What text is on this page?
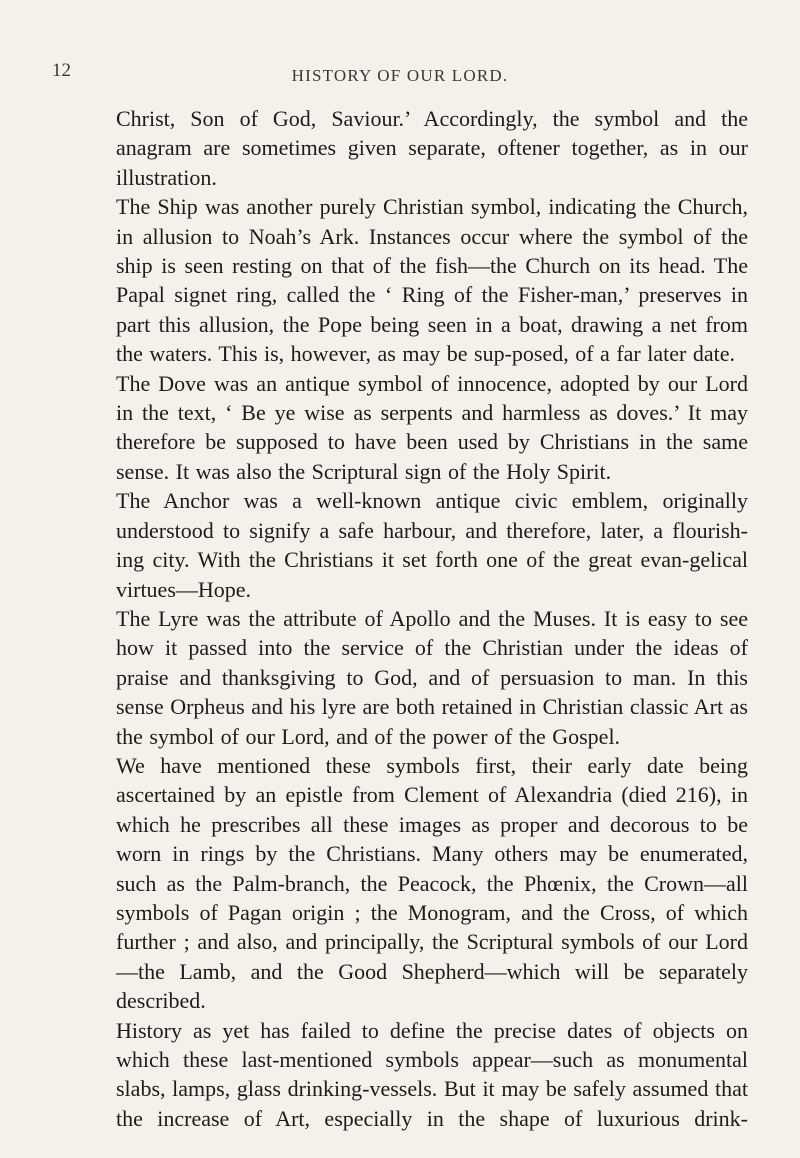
12	HISTORY OF OUR LORD.

Christ, Son of God, Saviour.’ Accordingly, the symbol and the anagram are sometimes given separate, oftener together, as in our illustration.

The Ship was another purely Christian symbol, indicating the Church, in allusion to Noah’s Ark. Instances occur where the symbol of the ship is seen resting on that of the fish—the Church on its head. The Papal signet ring, called the ‘ Ring of the Fisher-man,’ preserves in part this allusion, the Pope being seen in a boat, drawing a net from the waters. This is, however, as may be sup-posed, of a far later date.

The Dove was an antique symbol of innocence, adopted by our Lord in the text, ‘ Be ye wise as serpents and harmless as doves.’ It may therefore be supposed to have been used by Christians in the same sense. It was also the Scriptural sign of the Holy Spirit.

The Anchor was a well-known antique civic emblem, originally understood to signify a safe harbour, and therefore, later, a flourish-ing city. With the Christians it set forth one of the great evan-gelical virtues—Hope.

The Lyre was the attribute of Apollo and the Muses. It is easy to see how it passed into the service of the Christian under the ideas of praise and thanksgiving to God, and of persuasion to man. In this sense Orpheus and his lyre are both retained in Christian classic Art as the symbol of our Lord, and of the power of the Gospel.

We have mentioned these symbols first, their early date being ascertained by an epistle from Clement of Alexandria (died 216), in which he prescribes all these images as proper and decorous to be worn in rings by the Christians. Many others may be enumerated, such as the Palm-branch, the Peacock, the Phœnix, the Crown—all symbols of Pagan origin ; the Monogram, and the Cross, of which further ; and also, and principally, the Scriptural symbols of our Lord—the Lamb, and the Good Shepherd—which will be separately described.

History as yet has failed to define the precise dates of objects on which these last-mentioned symbols appear—such as monumental slabs, lamps, glass drinking-vessels. But it may be safely assumed that the increase of Art, especially in the shape of luxurious drink-
